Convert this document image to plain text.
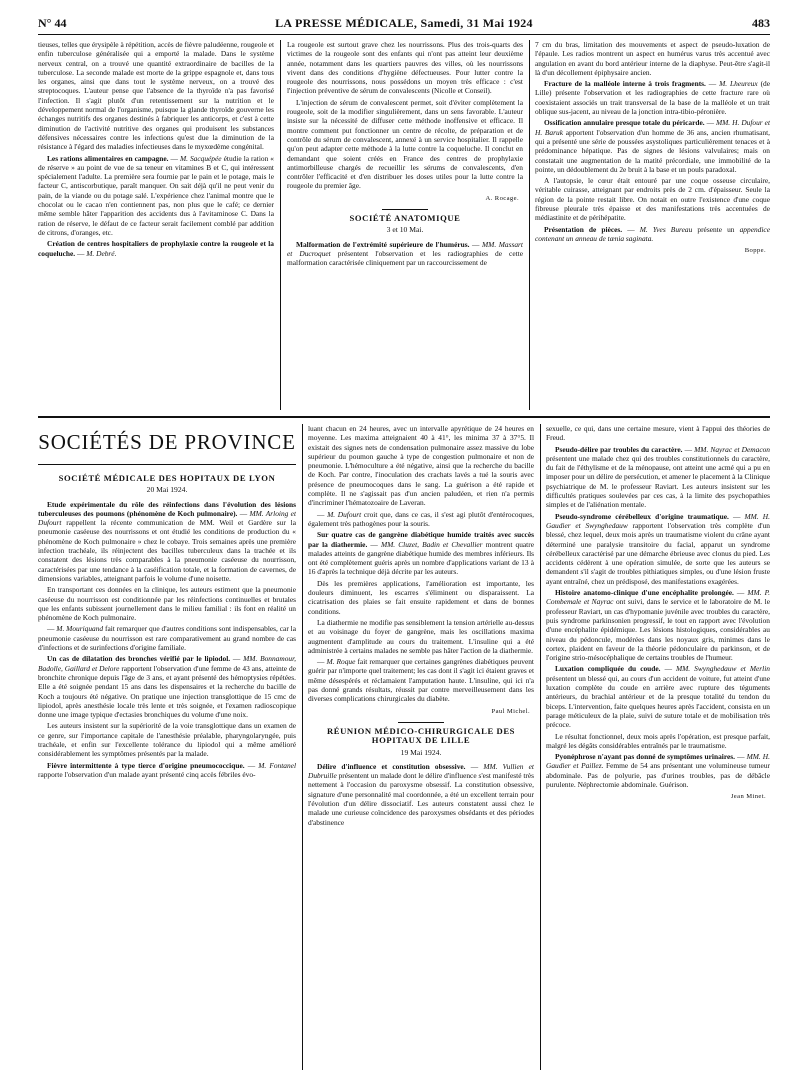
N° 44	LA PRESSE MÉDICALE, Samedi, 31 Mai 1924	483

tieuses, telles que érysipèle à répétition, accès de fièvre paludéenne, rougeole et enfin tuberculose généralisée qui a emporté la malade. Dans le système nerveux central, on a trouvé une quantité extraordinaire de bacilles de la tuberculose. La seconde malade est morte de la grippe espagnole et, dans tous les organes, ainsi que dans tout le système nerveux, on a trouvé des streptocoques. L'auteur pense que l'absence de la thyroïde n'a pas favorisé l'infection. Il s'agit plutôt d'un retentissement sur la nutrition et le développement normal de l'organisme, puisque la glande thyroïde gouverne les échanges nutritifs des organes destinés à fabriquer les anticorps, et c'est à cette diminution de l'activité nutritive des organes qui produisent les substances défensives nécessaires contre les infections qu'est due la diminution de la résistance à l'égard des maladies infectieuses dans le myxœdème congénital.

Les rations alimentaires en campagne. — M. Sacquépée étudie la ration « de réserve » au point de vue de sa teneur en vitamines B et C, qui intéressent spécialement l'adulte. La première sera fournie par le pain et le potage, mais le facteur C, antiscorbutique, paraît manquer. On sait déjà qu'il ne peut venir du pain, de la viande ou du potage salé. L'expérience chez l'animal montre que le chocolat ou le cacao n'en contiennent pas, non plus que le café; ce dernier même semble hâter l'apparition des accidents dus à l'avitaminose C. Dans la ration de réserve, le défaut de ce facteur serait facilement comblé par addition de citrons, d'oranges, etc.

Création de centres hospitaliers de prophylaxie contre la rougeole et la coqueluche. — M. Debré.

La rougeole est surtout grave chez les nourrissons. Plus des trois-quarts des victimes de la rougeole sont des enfants qui n'ont pas atteint leur deuxième année, notamment dans les quartiers pauvres des villes, où les nourrissons vivent dans des conditions d'hygiène défectueuses. Pour lutter contre la rougeole des nourrissons, nous possédons un moyen très efficace : c'est l'injection préventive de sérum de convalescents (Nicolle et Conseil).

L'injection de sérum de convalescent permet, soit d'éviter complètement la rougeole, soit de la modifier singulièrement, dans un sens favorable. L'auteur insiste sur la nécessité de diffuser cette méthode inoffensive et efficace. Il montre comment put fonctionner un centre de récolte, de préparation et de contrôle du sérum de convalescent, annexé à un service hospitalier. Il rappelle qu'on peut adapter cette méthode à la lutte contre la coqueluche. Il conclut en demandant que soient créés en France des centres de prophylaxie antimorbilleuse chargés de recueillir les sérums de convalescents, d'en contrôler l'efficacité et d'en distribuer les doses utiles pour la lutte contre la rougeole du premier âge.

A. Rocage.
SOCIÉTÉ ANATOMIQUE
3 et 10 Mai.

Malformation de l'extrémité supérieure de l'humérus. — MM. Massart et Ducroquet présentent l'observation et les radiographies de cette malformation caractérisée cliniquement par un raccourcissement de

7 cm du bras, limitation des mouvements et aspect de pseudo-luxation de l'épaule. Les radios montrent un aspect en humérus varus très accentué avec angulation en avant du bord antérieur interne de la diaphyse. Peut-être s'agit-il là d'un décollement épiphysaire ancien.

Fracture de la malléole interne à trois fragments. — M. Lheureux (de Lille) présente l'observation et les radiographies de cette fracture rare où coexistaient associés un trait transversal de la base de la malléole et un trait oblique sus-jacent, au niveau de la jonction intra-tibio-péronière.

Ossification annulaire presque totale du péricarde. — MM. H. Dufour et H. Baruk apportent l'observation d'un homme de 36 ans, ancien rhumatisant, qui a présenté une série de poussées asystoliques particulièrement tenaces et à prédominance hépatique. Pas de signes de lésions valvulaires; mais on constatait une augmentation de la matité précordiale, une immobilité de la pointe, un dédoublement du 2e bruit à la base et un pouls paradoxal.

A l'autopsie, le cœur était entouré par une coque osseuse circulaire, véritable cuirasse, atteignant par endroits près de 2 cm. d'épaisseur. Seule la région de la pointe restait libre. On notait en outre l'existence d'une coque fibreuse pleurale très épaisse et des manifestations très accentuées de médiastinite et de périhépatite.

Présentation de pièces. — M. Yves Bureau présente un appendice contenant un anneau de tænia saginata.

Boppe.
SOCIÉTÉS DE PROVINCE
SOCIÉTÉ MÉDICALE DES HOPITAUX DE LYON
20 Mai 1924.

Etude expérimentale du rôle des réinfections dans l'évolution des lésions tuberculeuses des poumons (phénomène de Koch pulmonaire). — MM. Arloing et Dufourt rappellent la récente communication de MM. Weil et Gardère sur la pneumonie caséeuse des nourrissons et ont étudié les conditions de production du « phénomène de Koch pulmonaire » chez le cobaye. Trois semaines après une première infection trachéale, ils réinjectent des bacilles tuberculeux dans la trachée et ils constatent des lésions très comparables à la pneumonie caséeuse du nourrisson, caractérisées par une tendance à la caséification totale, et la formation de cavernes, de dimensions variables, atteignant parfois le volume d'une noisette.

En transportant ces données en la clinique, les auteurs estiment que la pneumonie caséeuse du nourrisson est conditionnée par les réinfections continuelles et brutales que les enfants subissent journellement dans le milieu familial : ils font en réalité un phénomène de Koch pulmonaire.

— M. Mouriquand fait remarquer que d'autres conditions sont indispensables, car la pneumonie caséeuse du nourrisson est rare comparativement au grand nombre de cas d'infections et de surinfections d'origine familiale.

Un cas de dilatation des bronches vérifié par le lipiodol. — MM. Bonnamour, Badolle, Gaillard et Delore rapportent l'observation d'une femme de 43 ans, atteinte de bronchite chronique depuis l'âge de 3 ans, et ayant présenté des hémoptysies répétées. Elle a été soignée pendant 15 ans dans les dispensaires et la recherche du bacille de Koch a toujours été négative. On pratique une injection transglottique de 15 cmc de lipiodol, après anesthésie locale très lente et très soignée, et l'examen radioscopique donne une image typique d'ectasies bronchiques du volume d'une noix.

Les auteurs insistent sur la supériorité de la voie transglottique dans un examen de ce genre, sur l'importance capitale de l'anesthésie préalable, pharyngolaryngée, puis trachéale, et enfin sur l'excellente tolérance du lipiodol qui a même amélioré considérablement les symptômes présentés par la malade.

Fièvre intermittente à type tierce d'origine pneumococcique. — M. Fontanel rapporte l'observation d'un malade ayant présenté cinq accès fébriles évo-

luant chacun en 24 heures, avec un intervalle apyrétique de 24 heures en moyenne. Les maxima atteignaient 40 à 41°, les minima 37 à 37°5. Il existait des signes nets de condensation pulmonaire assez massive du lobe supérieur du poumon gauche à type de congestion pulmonaire et non de pneumonie. L'hémoculture a été négative, ainsi que la recherche du bacille de Koch. Par contre, l'inoculation des crachats lavés a tué la souris avec présence de pneumocoques dans le sang. La guérison a été rapide et complète. Il ne s'agissait pas d'un ancien paludéen, et rien n'a permis d'incriminer l'hématozoaire de Laveran.

— M. Dufourt croit que, dans ce cas, il s'est agi plutôt d'entérocoques, également très pathogènes pour la souris.

Sur quatre cas de gangrène diabétique humide traités avec succès par la diathermie. — MM. Cluzet, Badin et Chevallier montrent quatre malades atteints de gangrène diabétique humide des membres inférieurs. Ils ont été complètement guéris après un nombre d'applications variant de 13 à 16 d'après la technique déjà décrite par les auteurs.

Dès les premières applications, l'amélioration est importante, les douleurs diminuent, les escarres s'éliminent ou disparaissent. La cicatrisation des plaies se fait ensuite rapidement et dans de bonnes conditions.

La diathermie ne modifie pas sensiblement la tension artérielle au-dessus et au voisinage du foyer de gangrène, mais les oscillations maxima augmentent d'amplitude au cours du traitement. L'insuline qui a été administrée à certains malades ne semble pas hâter l'action de la diathermie.

— M. Roque fait remarquer que certaines gangrènes diabétiques peuvent guérir par n'importe quel traitement; les cas dont il s'agit ici étaient graves et même désespérés et réclamaient l'amputation haute. L'insuline, qui ici n'a pas donné grands résultats, réussit par contre merveilleusement dans les diverses complications chirurgicales du diabète.

Paul Michel.
RÉUNION MÉDICO-CHIRURGICALE DES HOPITAUX DE LILLE
19 Mai 1924.

Délire d'influence et constitution obsessive. — MM. Vullien et Dubruille présentent un malade dont le délire d'influence s'est manifesté très nettement à l'occasion du paroxysme obsessif. La constitution obsessive, signature d'une personnalité mal coordonnée, a été un excellent terrain pour l'évolution d'un délire dissociatif. Les auteurs constatent aussi chez le malade une curieuse coïncidence des paroxysmes obsédants et des périodes d'abstinence

sexuelle, ce qui, dans une certaine mesure, vient à l'appui des théories de Freud.

Pseudo-délire par troubles du caractère. — MM. Nayrac et Demacon présentent une malade chez qui des troubles constitutionnels du caractère, du fait de l'éthylisme et de la ménopause, ont atteint une acmé qui a pu en imposer pour un délire de persécution, et amener le placement à la Clinique psychiatrique de M. le professeur Raviart. Les auteurs insistent sur les difficultés pratiques soulevées par ces cas, à la limite des psychopathies simples et de l'aliénation mentale.

Pseudo-syndrome cérébelleux d'origine traumatique. — MM. H. Gaudier et Swynghedauw rapportent l'observation très complète d'un blessé, chez lequel, deux mois après un traumatisme violent du crâne ayant déterminé une paralysie transitoire du facial, apparut un syndrome cérébelleux caractérisé par une démarche ébrieuse avec clonus du pied. Les accidents cédèrent à une opération simulée, de sorte que les auteurs se demandent s'il s'agit de troubles pithiatiques simples, ou d'une lésion fruste ayant entraîné, chez un prédisposé, des manifestations exagérées.

Histoire anatomo-clinique d'une encéphalite prolongée. — MM. P. Combemale et Nayrac ont suivi, dans le service et le laboratoire de M. le professeur Raviart, un cas d'hypomanie juvénile avec troubles du caractère, puis syndrome parkinsonien progressif, le tout en rapport avec l'évolution d'une encéphalite épidémique. Les lésions histologiques, considérables au niveau du pédoncule, modérées dans les noyaux gris, minimes dans le cortex, plaident en faveur de la théorie pédonculaire du parkinson, et de l'origine strio-mésocéphalique de certains troubles de l'humeur.

Luxation compliquée du coude. — MM. Swynghedauw et Merlin présentent un blessé qui, au cours d'un accident de voiture, fut atteint d'une luxation complète du coude en arrière avec rupture des téguments antérieurs, du brachial antérieur et de la presque totalité du tendon du biceps. L'intervention, faite quelques heures après l'accident, consista en un parage méticuleux de la plaie, suivi de suture totale et de mobilisation très précoce.

Le résultat fonctionnel, deux mois après l'opération, est presque parfait, malgré les dégâts considérables entraînés par le traumatisme.

Pyonéphrose n'ayant pas donné de symptômes urinaires. — MM. H. Gaudier et Paillez. Femme de 54 ans présentant une volumineuse tumeur abdominale. Pas de polyurie, pas d'urines troubles, pas de débâcle purulente. Néphrectomie abdominale. Guérison.

Jean Minet.
